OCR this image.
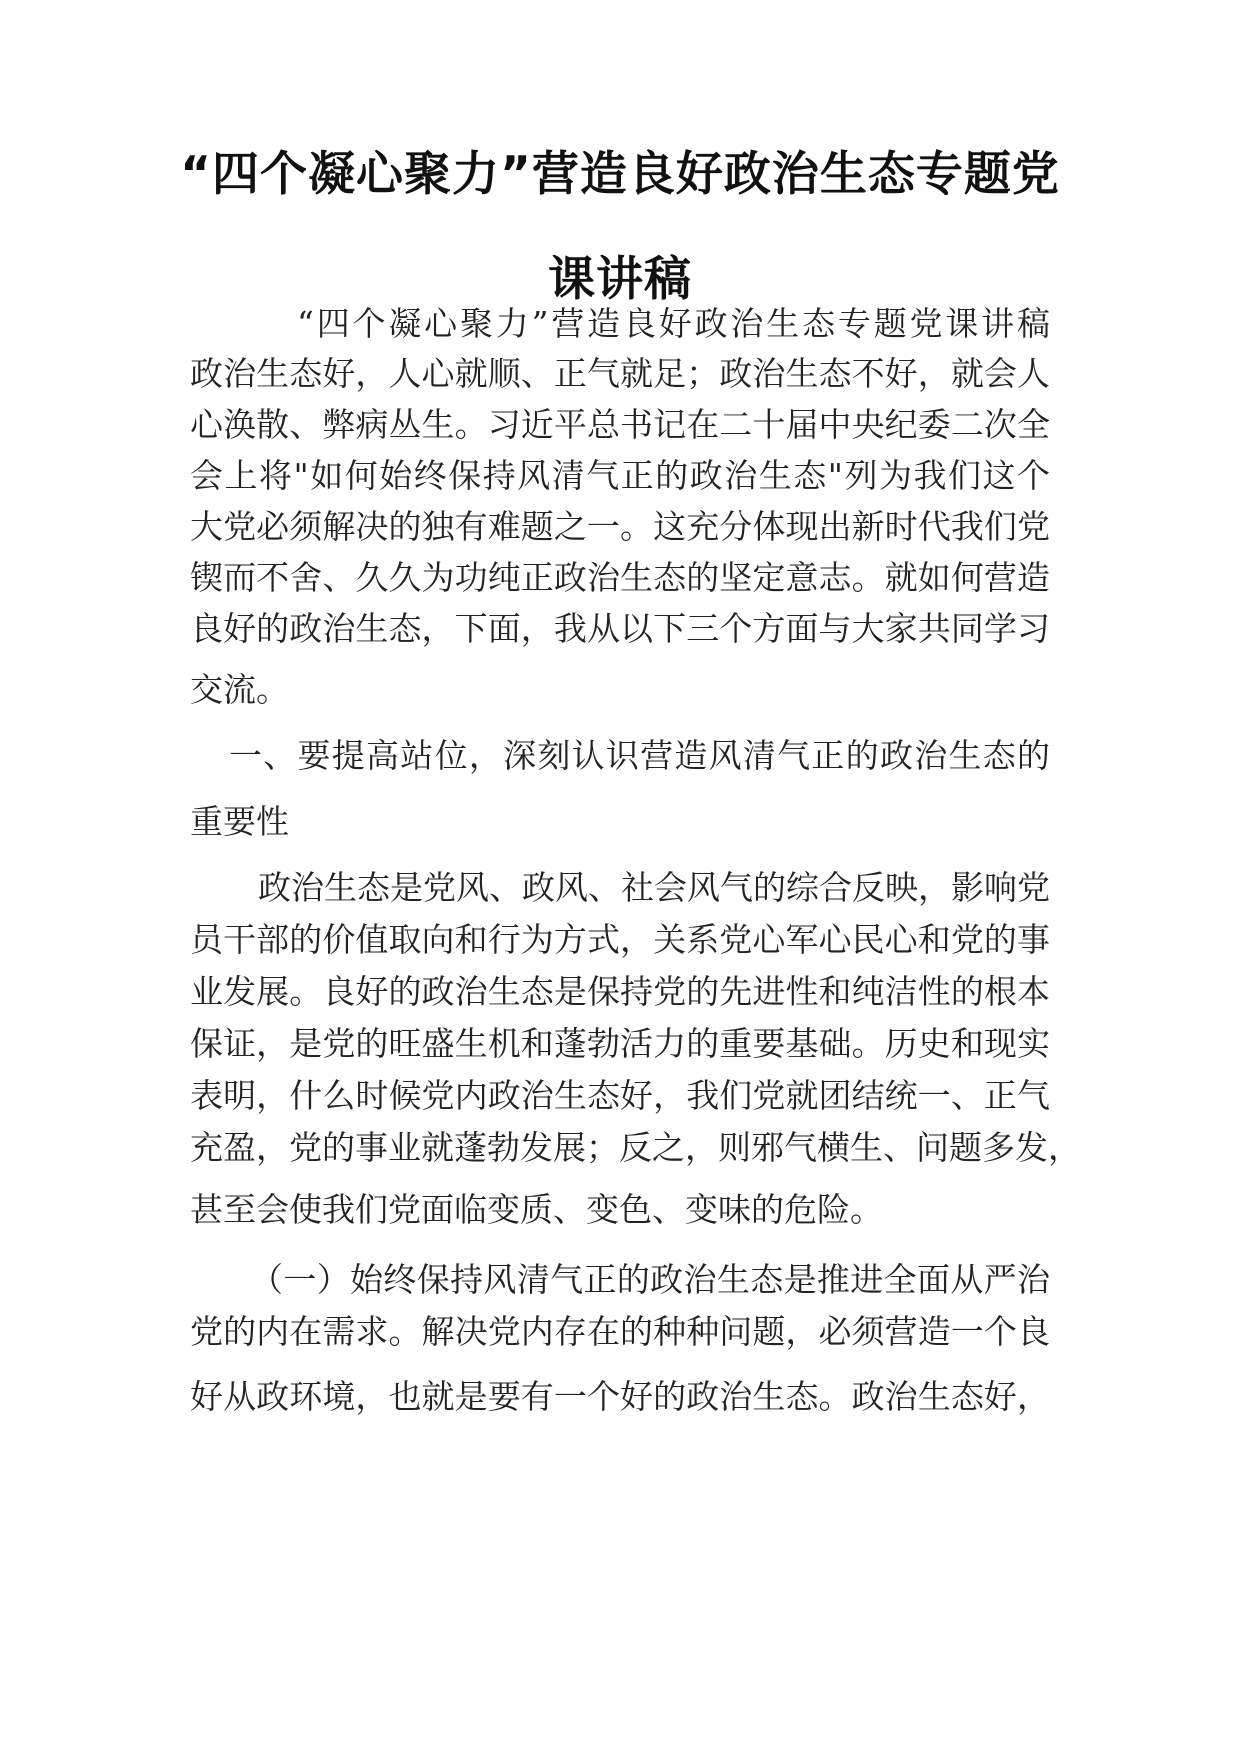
“四个凝心聚力”营造良好政治生态专题党
课讲稿
“四个凝心聚力”营造良好政治生态专题党课讲稿
政治生态好，人心就顺、正气就足；政治生态不好，就会人
心涣散、弊病丛生。习近平总书记在二十届中央纪委二次全
会上将"如何始终保持风清气正的政治生态"列为我们这个
大党必须解决的独有难题之一。这充分体现出新时代我们党
锲而不舍、久久为功纯正政治生态的坚定意志。就如何营造
良好的政治生态，下面，我从以下三个方面与大家共同学习
交流。
一、要提高站位，深刻认识营造风清气正的政治生态的
重要性
政治生态是党风、政风、社会风气的综合反映，影响党
员干部的价值取向和行为方式，关系党心军心民心和党的事
业发展。良好的政治生态是保持党的先进性和纯洁性的根本
保证，是党的旺盛生机和蓬勃活力的重要基础。历史和现实
表明，什么时候党内政治生态好，我们党就团结统一、正气
充盈，党的事业就蓬勃发展；反之，则邪气横生、问题多发，
甚至会使我们党面临变质、变色、变味的危险。
（一）始终保持风清气正的政治生态是推进全面从严治
党的内在需求。解决党内存在的种种问题，必须营造一个良
好从政环境，也就是要有一个好的政治生态。政治生态好，
